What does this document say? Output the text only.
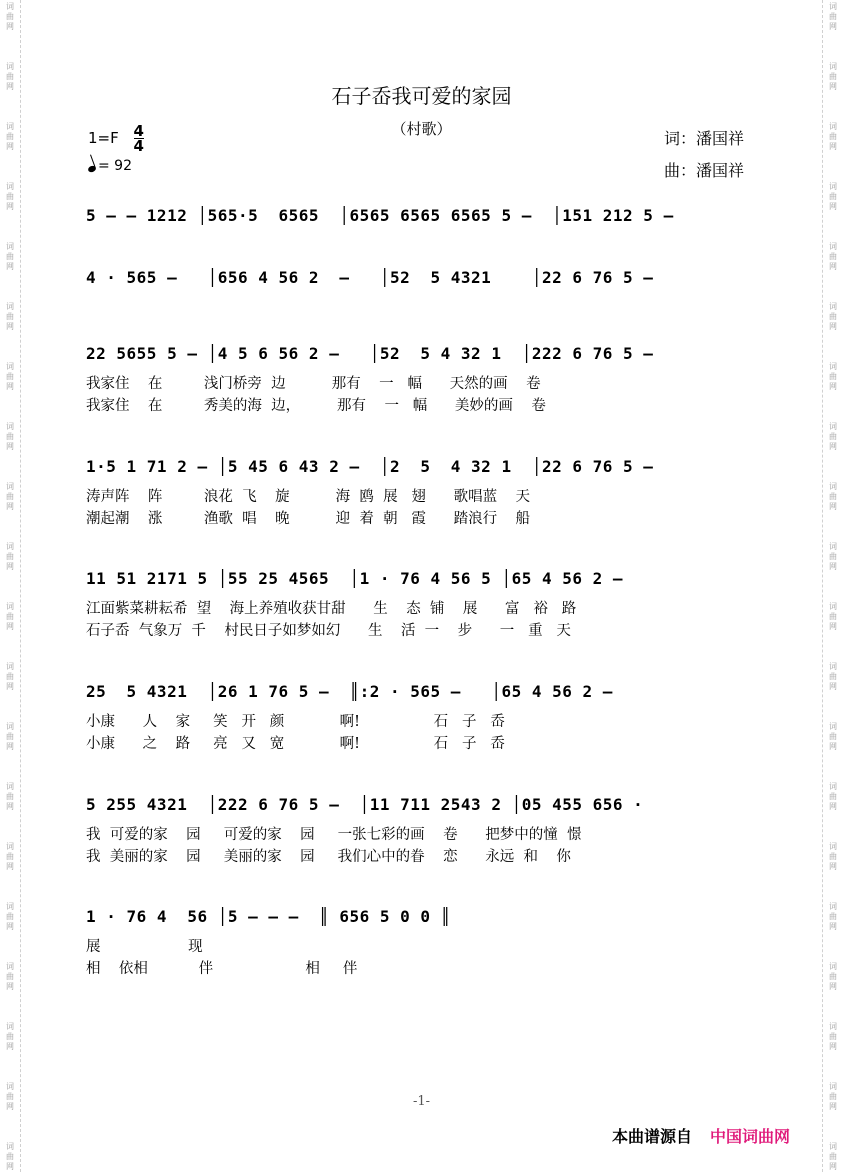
词
曲
网
词
曲
网
词
曲
网
词
曲
网
词
曲
网
词
曲
网
词
曲
网
词
曲
网
词
曲
网
词
曲
网
词
曲
网
词
曲
网
词
曲
网
词
曲
网
词
曲
网
词
曲
网
词
曲
网
词
曲
网
词
曲
网
词
曲
网
词
曲
网
词
曲
网
词
曲
网
词
曲
网
词
曲
网
词
曲
网
词
曲
网
词
曲
网
词
曲
网
词
曲
网
词
曲
网
词
曲
网
词
曲
网
词
曲
网
词
曲
网
词
曲
网
词
曲
网
词
曲
网
词
曲
网
词
曲
网
石子岙我可爱的家园
（村歌）
$1=F \frac{4}{4}$
= 92
词：潘国祥
曲：潘国祥
5 – – 1212 │565·5  6565  │6565 6565 6565 5 –  │151 212 5 –
4 · 565 –   │656 4 56 2  –   │52  5 4321    │22 6 76 5 –
22 5655 5 – │4 5 6 56 2 –   │52  5 4 32 1  │222 6 76 5 –
我家住    在         浅门桥旁  边          那有    一   幅      天然的画    卷
我家住    在         秀美的海  边，        那有    一   幅      美妙的画    卷
1·5 1 71 2 – │5 45 6 43 2 –  │2  5  4 32 1  │22 6 76 5 –
涛声阵    阵         浪花  飞    旋          海  鸥  展   翅      歌唱蓝    天
潮起潮    涨         渔歌  唱    晚          迎  着  朝   霞      踏浪行    船
11 51 2171 5 │55 25 4565  │1 · 76 4 56 5 │65 4 56 2 –
江面紫菜耕耘希  望    海上养殖收获甘甜      生    态  铺    展      富   裕   路
石子岙  气象万  千    村民日子如梦如幻      生    活  一    步      一   重   天
25  5 4321  │26 1 76 5 –  ║:2 · 565 –   │65 4 56 2 –
小康      人    家     笑   开   颜            啊!                石   子   岙
小康      之    路     亮   又   宽            啊!                石   子   岙
5 255 4321  │222 6 76 5 –  │11 711 2543 2 │05 455 656 ·
我  可爱的家    园     可爱的家    园     一张七彩的画    卷      把梦中的憧  憬
我  美丽的家    园     美丽的家    园     我们心中的眷    恋      永远  和    你
1 · 76 4  56 │5 – – –  ║ 656 5 0 0 ║
展                   现
相    依相           伴                    相     伴
-1-
本曲谱源自 中国词曲网
